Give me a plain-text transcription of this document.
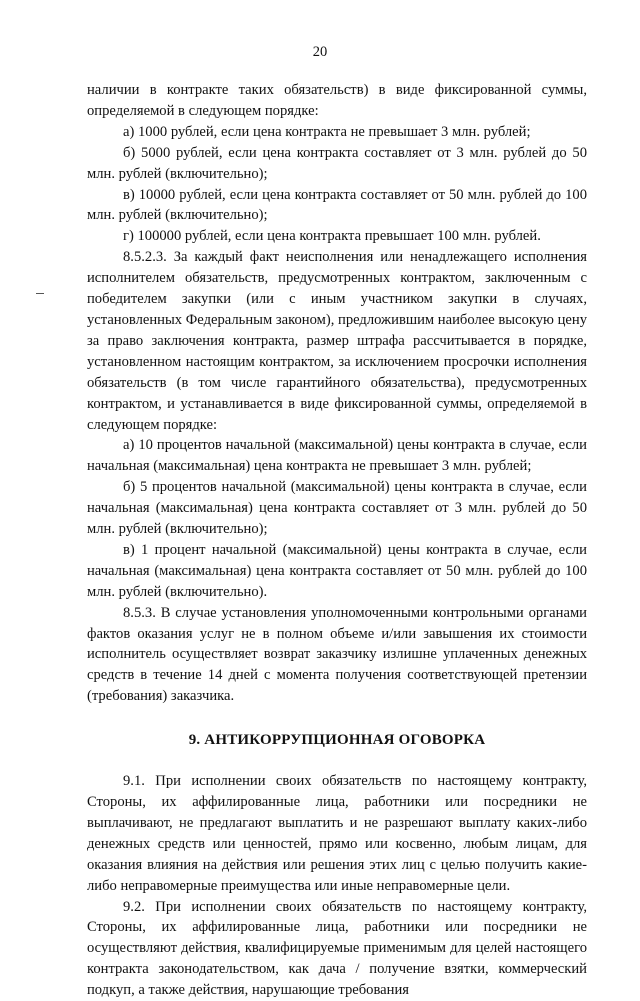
20

наличии в контракте таких обязательств) в виде фиксированной суммы, определяемой в следующем порядке:

а) 1000 рублей, если цена контракта не превышает 3 млн. рублей;

б) 5000 рублей, если цена контракта составляет от 3 млн. рублей до 50 млн. рублей (включительно);

в) 10000 рублей, если цена контракта составляет от 50 млн. рублей до 100 млн. рублей (включительно);

г) 100000 рублей, если цена контракта превышает 100 млн. рублей.

8.5.2.3. За каждый факт неисполнения или ненадлежащего исполнения исполнителем обязательств, предусмотренных контрактом, заключенным с победителем закупки (или с иным участником закупки в случаях, установленных Федеральным законом), предложившим наиболее высокую цену за право заключения контракта, размер штрафа рассчитывается в порядке, установленном настоящим контрактом, за исключением просрочки исполнения обязательств (в том числе гарантийного обязательства), предусмотренных контрактом, и устанавливается в виде фиксированной суммы, определяемой в следующем порядке:

а) 10 процентов начальной (максимальной) цены контракта в случае, если начальная (максимальная) цена контракта не превышает 3 млн. рублей;

б) 5 процентов начальной (максимальной) цены контракта в случае, если начальная (максимальная) цена контракта составляет от 3 млн. рублей до 50 млн. рублей (включительно);

в) 1 процент начальной (максимальной) цены контракта в случае, если начальная (максимальная) цена контракта составляет от 50 млн. рублей до 100 млн. рублей (включительно).

8.5.3. В случае установления уполномоченными контрольными органами фактов оказания услуг не в полном объеме и/или завышения их стоимости исполнитель осуществляет возврат заказчику излишне уплаченных денежных средств в течение 14 дней с момента получения соответствующей претензии (требования) заказчика.

9. АНТИКОРРУПЦИОННАЯ ОГОВОРКА

9.1. При исполнении своих обязательств по настоящему контракту, Стороны, их аффилированные лица, работники или посредники не выплачивают, не предлагают выплатить и не разрешают выплату каких-либо денежных средств или ценностей, прямо или косвенно, любым лицам, для оказания влияния на действия или решения этих лиц с целью получить какие-либо неправомерные преимущества или иные неправомерные цели.

9.2. При исполнении своих обязательств по настоящему контракту, Стороны, их аффилированные лица, работники или посредники не осуществляют действия, квалифицируемые применимым для целей настоящего контракта законодательством, как дача / получение взятки, коммерческий подкуп, а также действия, нарушающие требования
